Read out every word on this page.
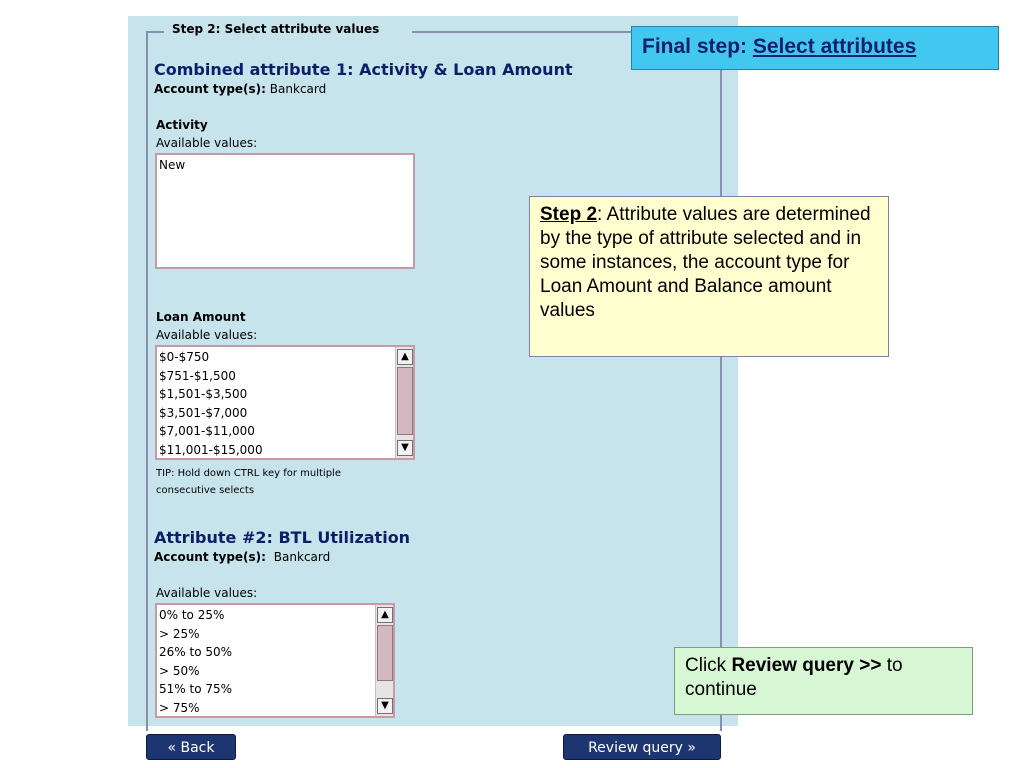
Step 2: Select attribute values
Combined attribute 1: Activity & Loan Amount
Account type(s): Bankcard
Activity
Available values:
New
Loan Amount
Available values:
$0-$750
$751-$1,500
$1,501-$3,500
$3,501-$7,000
$7,001-$11,000
$11,001-$15,000
▲
▼
TIP: Hold down CTRL key for multiple
consecutive selects
Attribute #2: BTL Utilization
Account type(s): Bankcard
Available values:
0% to 25%
> 25%
26% to 50%
> 50%
51% to 75%
> 75%
▲
▼
« Back	Review query »
Final step: Select attributes
Step 2: Attribute values are determined by the type of attribute selected and in some instances, the account type for Loan Amount and Balance amount values
Click Review query >> to continue
